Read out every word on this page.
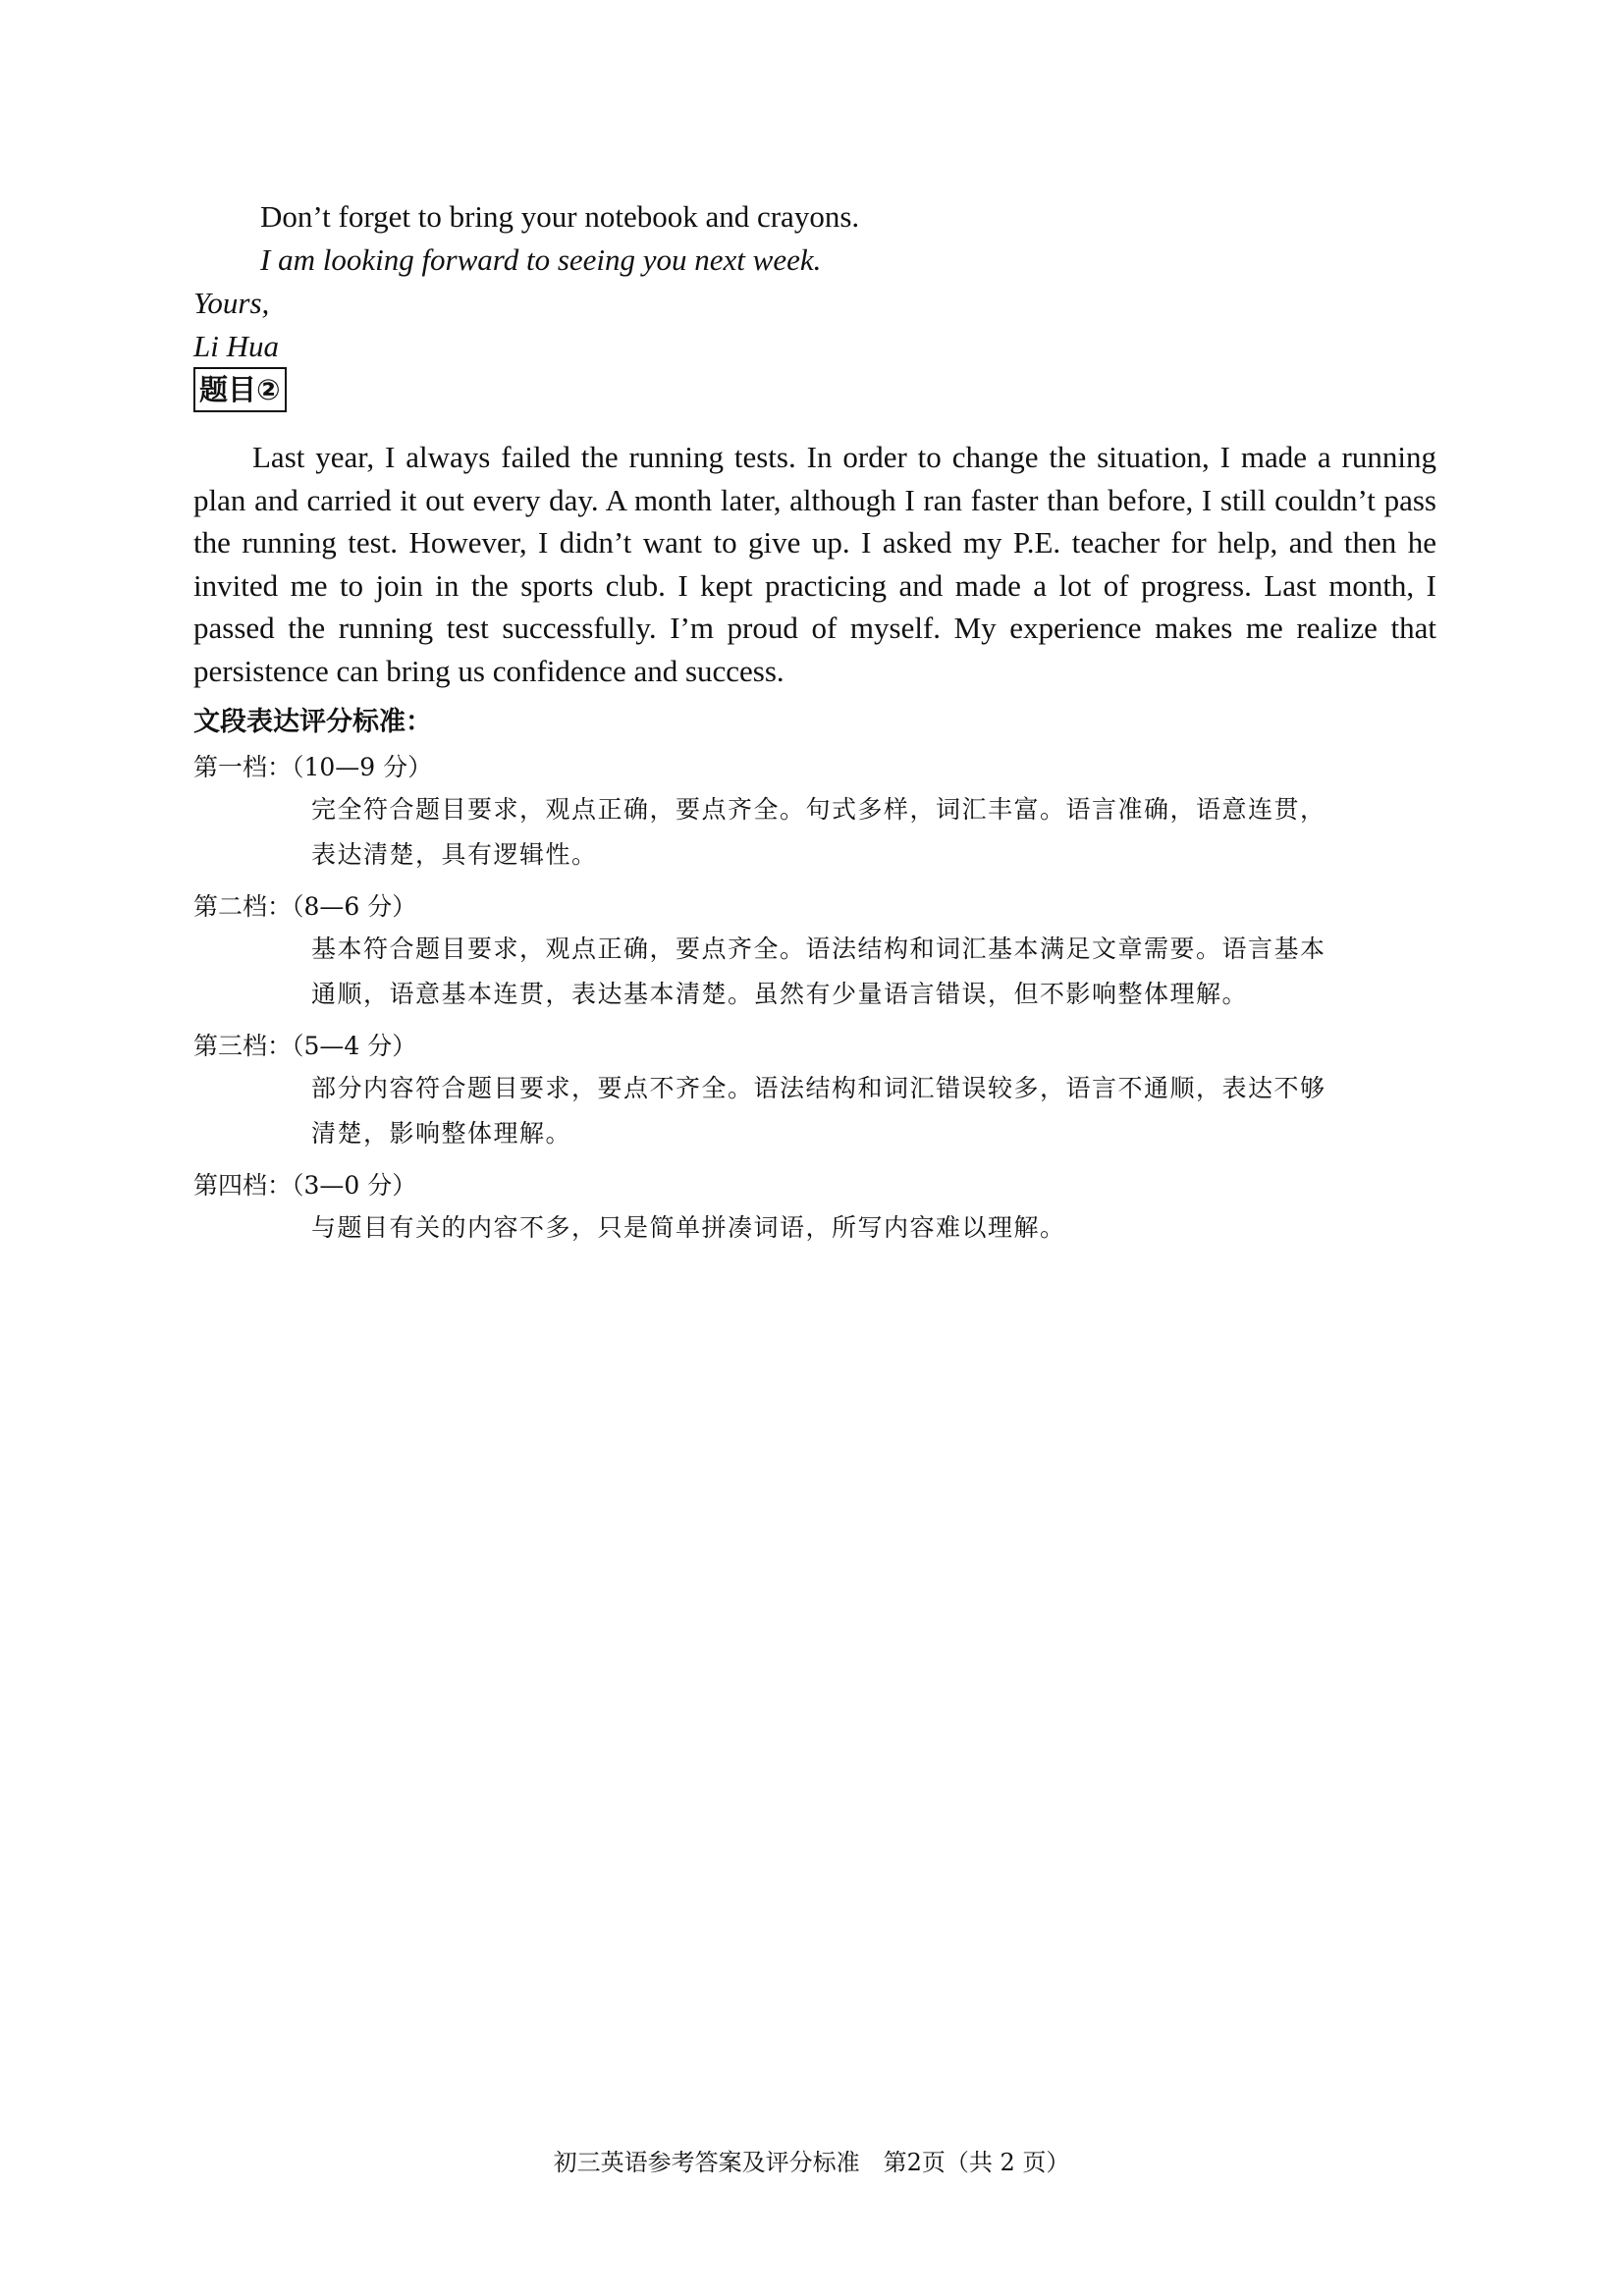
Don’t forget to bring your notebook and crayons.
I am looking forward to seeing you next week.
Yours,
Li Hua
题目②

Last year, I always failed the running tests. In order to change the situation, I made a running plan and carried it out every day. A month later, although I ran faster than before, I still couldn’t pass the running test. However, I didn’t want to give up. I asked my P.E. teacher for help, and then he invited me to join in the sports club. I kept practicing and made a lot of progress. Last month, I passed the running test successfully. I’m proud of myself. My experience makes me realize that persistence can bring us confidence and success.

文段表达评分标准：
第一档：（10—9 分）
完全符合题目要求，观点正确，要点齐全。句式多样，词汇丰富。语言准确，语意连贯，
表达清楚，具有逻辑性。
第二档：（8—6 分）
基本符合题目要求，观点正确，要点齐全。语法结构和词汇基本满足文章需要。语言基本
通顺，语意基本连贯，表达基本清楚。虽然有少量语言错误，但不影响整体理解。
第三档：（5—4 分）
部分内容符合题目要求，要点不齐全。语法结构和词汇错误较多，语言不通顺，表达不够
清楚，影响整体理解。
第四档：（3—0 分）
与题目有关的内容不多，只是简单拼凑词语，所写内容难以理解。
初三英语参考答案及评分标准　第2页（共 2 页）
